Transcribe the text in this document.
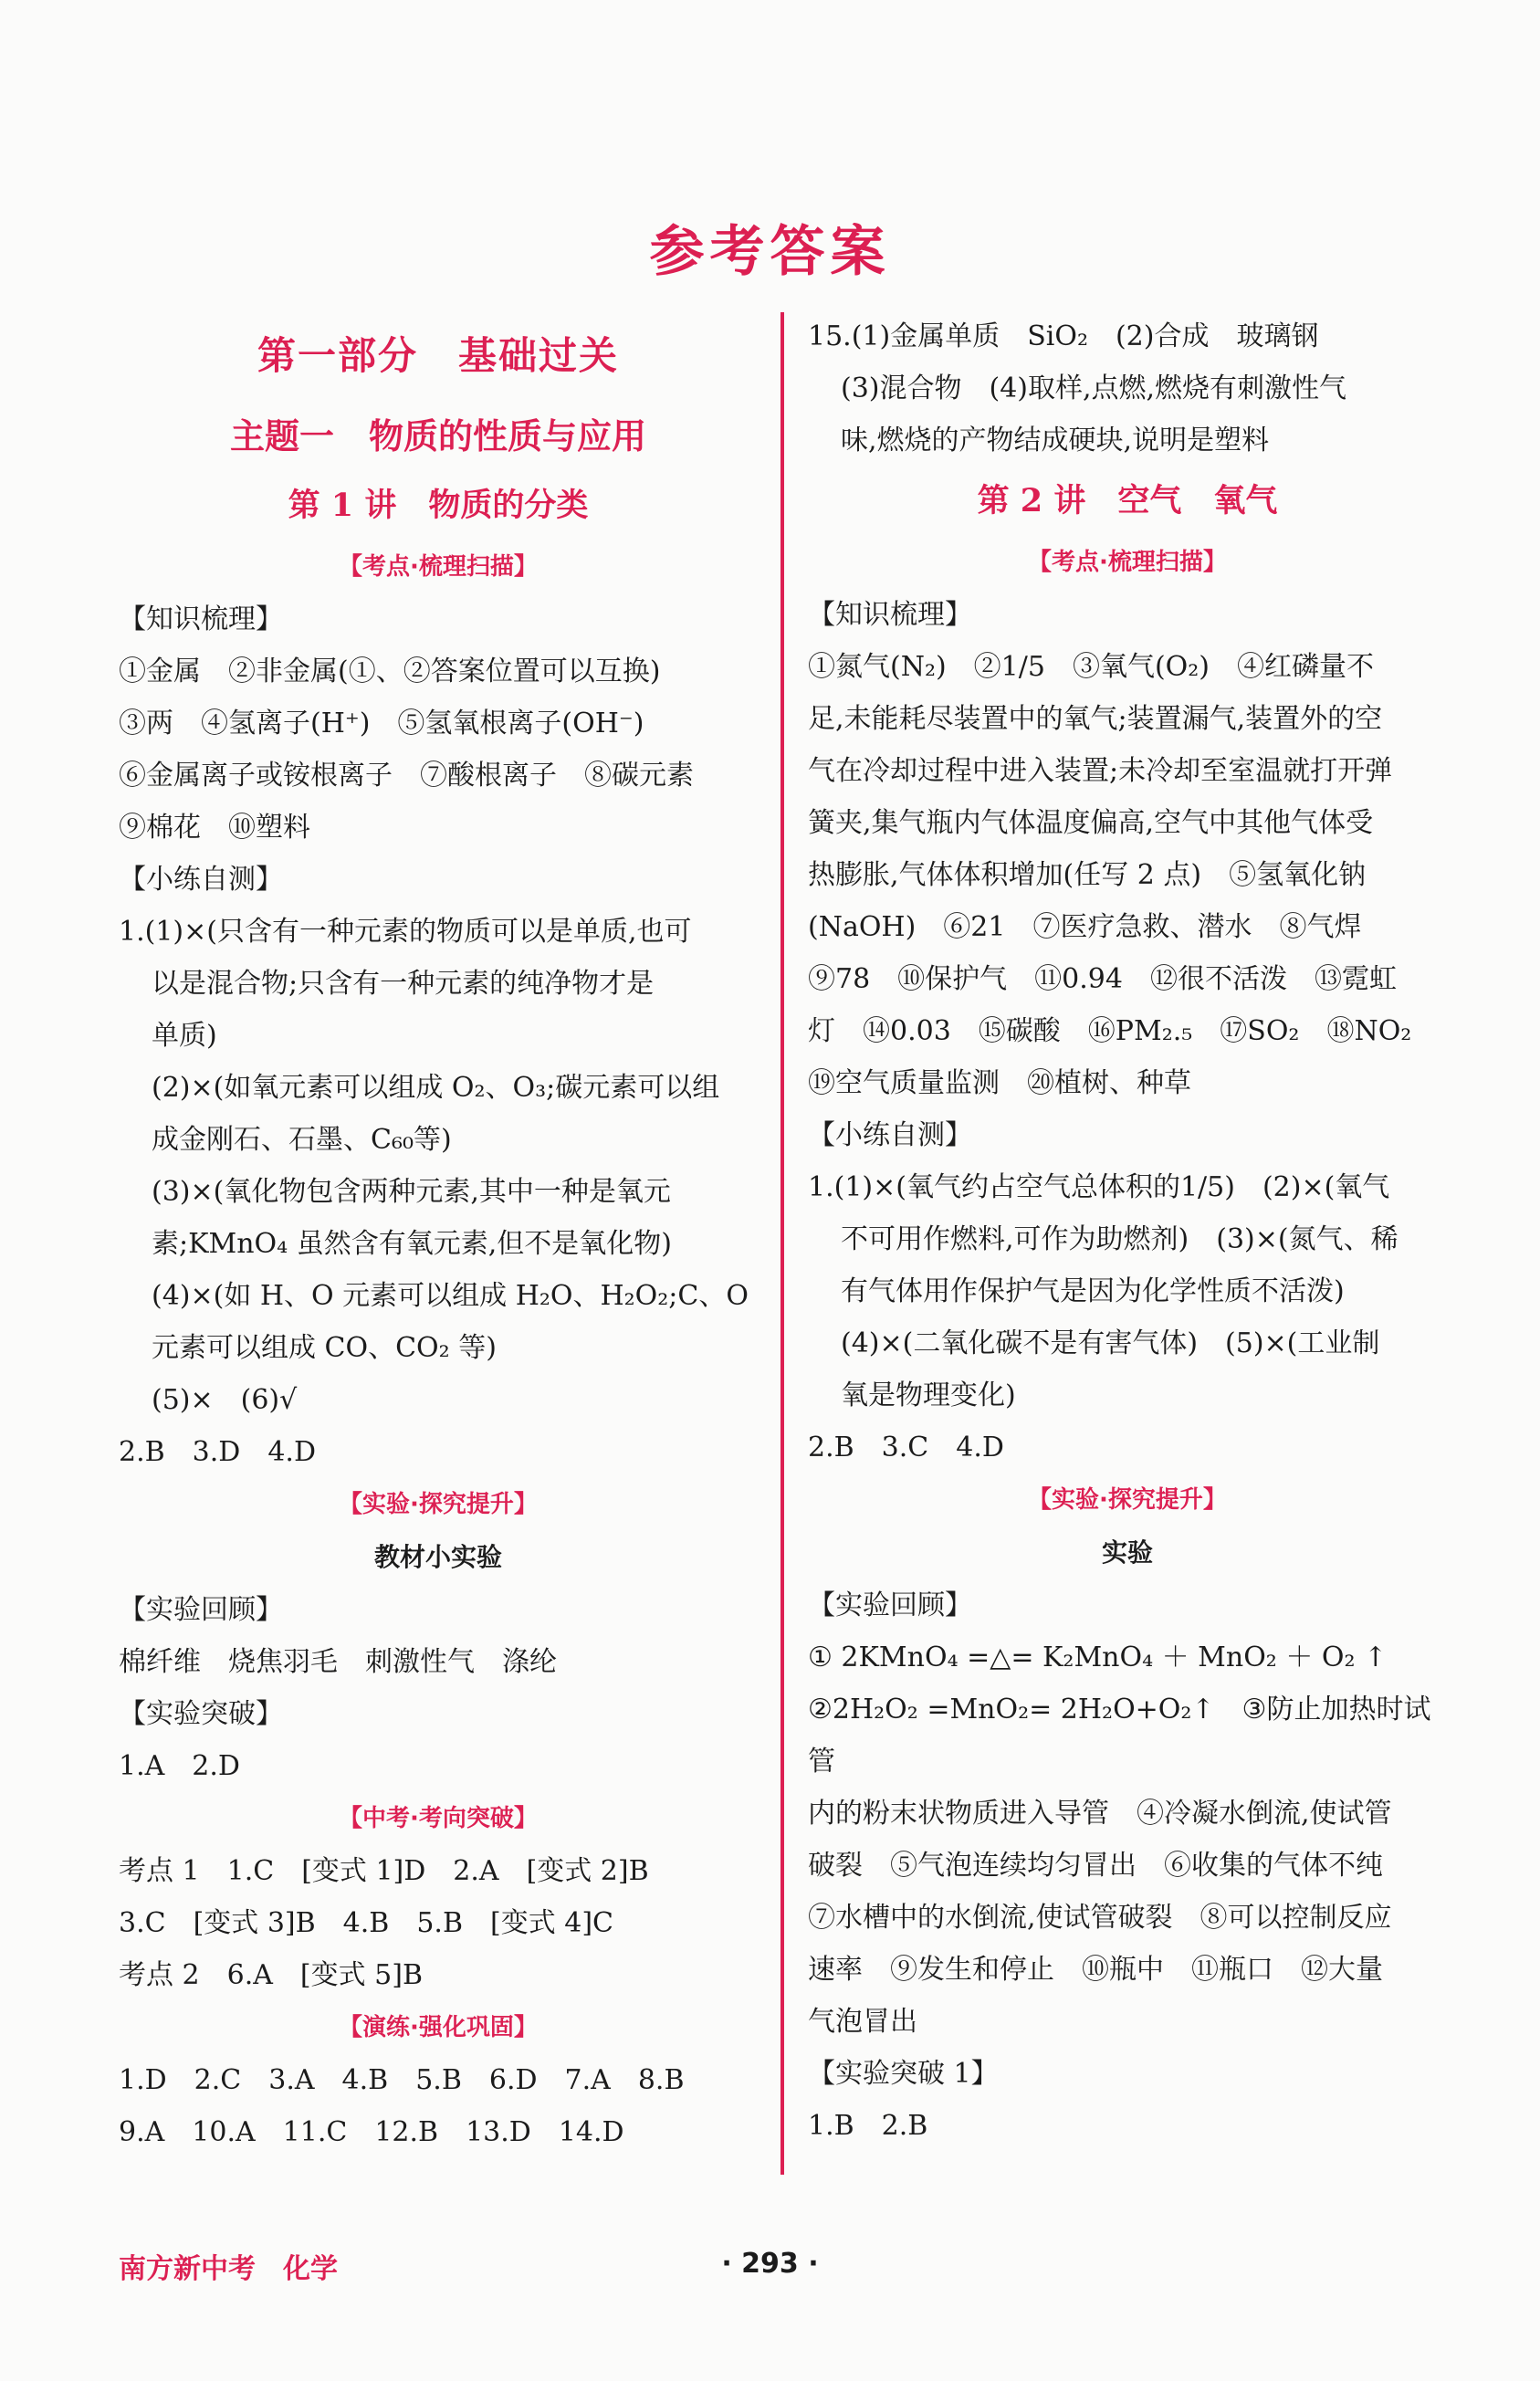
参考答案
第一部分　基础过关
主题一　物质的性质与应用
第 1 讲　物质的分类
【考点·梳理扫描】

【知识梳理】

①金属　②非金属(①、②答案位置可以互换)

③两　④氢离子(H⁺)　⑤氢氧根离子(OH⁻)

⑥金属离子或铵根离子　⑦酸根离子　⑧碳元素

⑨棉花　⑩塑料

【小练自测】

1.(1)×(只含有一种元素的物质可以是单质,也可

以是混合物;只含有一种元素的纯净物才是

单质)

(2)×(如氧元素可以组成 O₂、O₃;碳元素可以组

成金刚石、石墨、C₆₀等)

(3)×(氧化物包含两种元素,其中一种是氧元

素;KMnO₄ 虽然含有氧元素,但不是氧化物)

(4)×(如 H、O 元素可以组成 H₂O、H₂O₂;C、O

元素可以组成 CO、CO₂ 等)

(5)×　(6)√

2.B　3.D　4.D

【实验·探究提升】
教材小实验

【实验回顾】

棉纤维　烧焦羽毛　刺激性气　涤纶

【实验突破】

1.A　2.D

【中考·考向突破】

考点 1　1.C　[变式 1]D　2.A　[变式 2]B

3.C　[变式 3]B　4.B　5.B　[变式 4]C

考点 2　6.A　[变式 5]B

【演练·强化巩固】

1.D　2.C　3.A　4.B　5.B　6.D　7.A　8.B

9.A　10.A　11.C　12.B　13.D　14.D

15.(1)金属单质　SiO₂　(2)合成　玻璃钢

(3)混合物　(4)取样,点燃,燃烧有刺激性气

味,燃烧的产物结成硬块,说明是塑料

第 2 讲　空气　氧气
【考点·梳理扫描】

【知识梳理】

①氮气(N₂)　②1/5　③氧气(O₂)　④红磷量不

足,未能耗尽装置中的氧气;装置漏气,装置外的空

气在冷却过程中进入装置;未冷却至室温就打开弹

簧夹,集气瓶内气体温度偏高,空气中其他气体受

热膨胀,气体体积增加(任写 2 点)　⑤氢氧化钠

(NaOH)　⑥21　⑦医疗急救、潜水　⑧气焊

⑨78　⑩保护气　⑪0.94　⑫很不活泼　⑬霓虹

灯　⑭0.03　⑮碳酸　⑯PM₂.₅　⑰SO₂　⑱NO₂

⑲空气质量监测　⑳植树、种草

【小练自测】

1.(1)×(氧气约占空气总体积的1/5)　(2)×(氧气

不可用作燃料,可作为助燃剂)　(3)×(氮气、稀

有气体用作保护气是因为化学性质不活泼)

(4)×(二氧化碳不是有害气体)　(5)×(工业制

氧是物理变化)

2.B　3.C　4.D

【实验·探究提升】
实验

【实验回顾】

① 2KMnO₄ =△= K₂MnO₄ ＋ MnO₂ ＋ O₂ ↑

②2H₂O₂ =MnO₂= 2H₂O+O₂↑　③防止加热时试管

内的粉末状物质进入导管　④冷凝水倒流,使试管

破裂　⑤气泡连续均匀冒出　⑥收集的气体不纯

⑦水槽中的水倒流,使试管破裂　⑧可以控制反应

速率　⑨发生和停止　⑩瓶中　⑪瓶口　⑫大量

气泡冒出

【实验突破 1】

1.B　2.B

南方新中考　化学	· 293 ·
